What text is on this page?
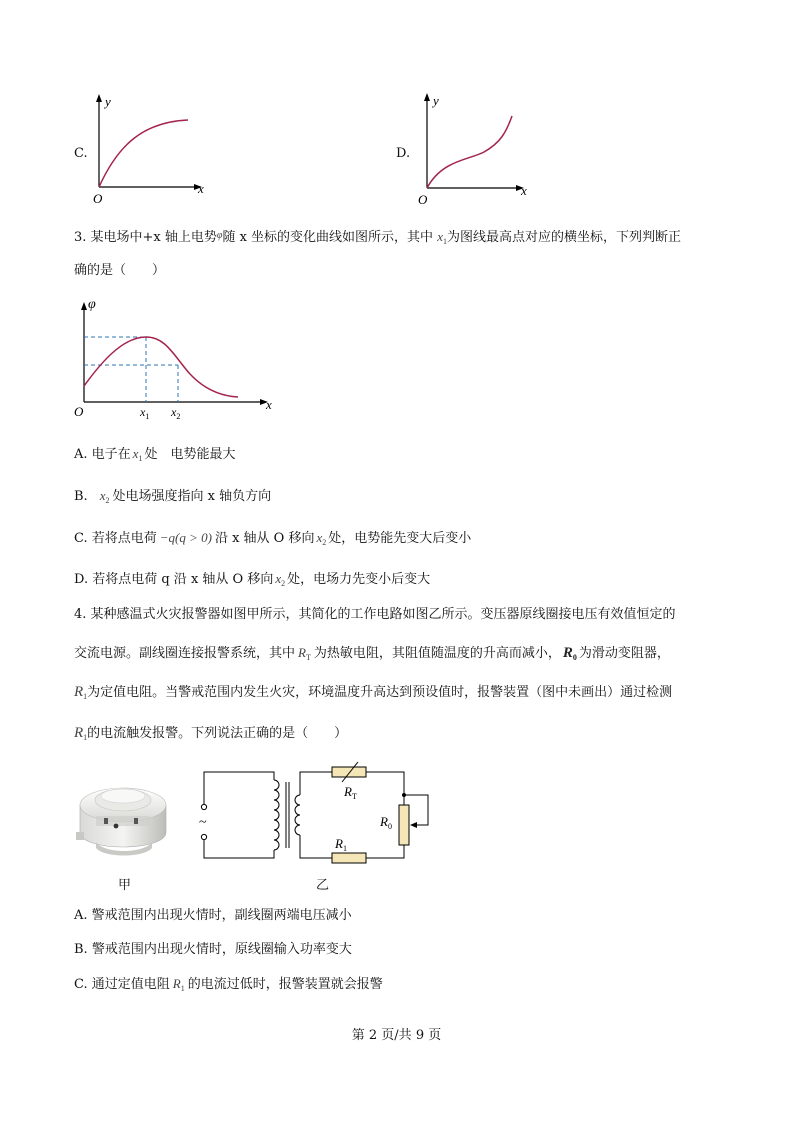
C.
y
x
O
D.
y
x
O
3. 某电场中+x 轴上电势$^\varphi$随 x 坐标的变化曲线如图所示，其中 $x_1$为图线最高点对应的横坐标，下列判断正
确的是（　　）
φ
x
O	$x_1$ $x_2$
A. 电子在 $x_1$ 处　电势能最大
B. $x_2$ 处电场强度指向 x 轴负方向
C. 若将点电荷 −q(q > 0) 沿 x 轴从 O 移向 $x_2$ 处，电势能先变大后变小
D. 若将点电荷 q 沿 x 轴从 O 移向 $x_2$ 处，电场力先变小后变大
4. 某种感温式火灾报警器如图甲所示，其简化的工作电路如图乙所示。变压器原线圈接电压有效值恒定的
交流电源。副线圈连接报警系统，其中 $R_T$ 为热敏电阻，其阻值随温度的升高而减小， $R_0$ 为滑动变阻器，
$R_1$为定值电阻。当警戒范围内发生火灾，环境温度升高达到预设值时，报警装置（图中未画出）通过检测
$R_1$的电流触发报警。下列说法正确的是（　　）
甲
~
$R_T$
$R_1$
$R_0$
乙
A. 警戒范围内出现火情时，副线圈两端电压减小
B. 警戒范围内出现火情时，原线圈输入功率变大
C. 通过定值电阻 $R_1$ 的电流过低时，报警装置就会报警
第 2 页/共 9 页
